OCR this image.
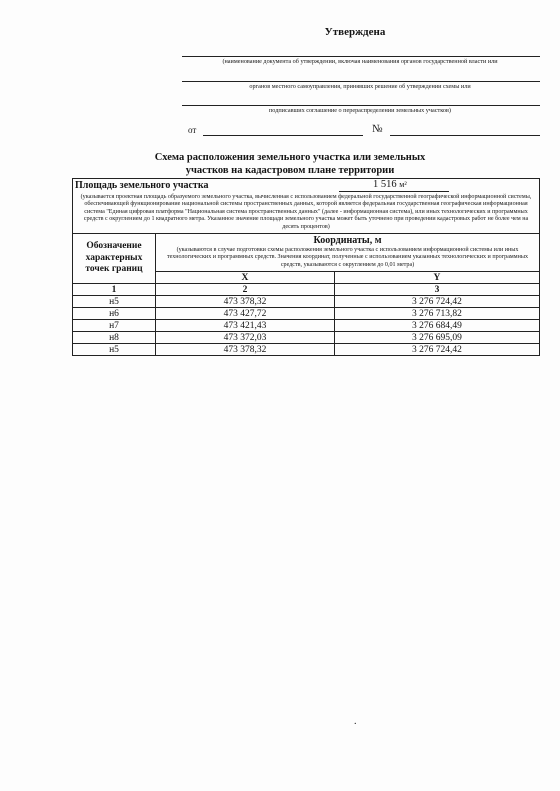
Утверждена
(наименование документа об утверждении, включая наименования органов государственной власти или
органов местного самоуправления, принявших решение об утверждении схемы или
подписавших соглашение о перераспределении земельных участков)
от	№
Схема расположения земельного участка или земельных
участков на кадастровом плане территории
Площадь земельного участка 1 516 м²
(указывается проектная площадь образуемого земельного участка, вычисленная с использованием федеральной государственной географической информационной системы, обеспечивающей функционирование национальной системы пространственных данных, которой является федеральная государственная географическая информационная система "Единая цифровая платформа "Национальная система пространственных данных" (далее - информационная система), или иных технологических и программных средств с округлением до 1 квадратного метра. Указанное значение площади земельного участка может быть уточнено при проведении кадастровых работ не более чем на десять процентов)		

Обозначение характерных точек границ	Координаты, м
(указываются в случае подготовки схемы расположения земельного участка с использованием информационной системы или иных технологических и программных средств. Значения координат, полученные с использованием указанных технологических и программных средств, указываются с округлением до 0,01 метра)	

	X	Y
1	2	3
н5	473 378,32	3 276 724,42
н6	473 427,72	3 276 713,82
н7	473 421,43	3 276 684,49
н8	473 372,03	3 276 695,09
н5	473 378,32	3 276 724,42
.
